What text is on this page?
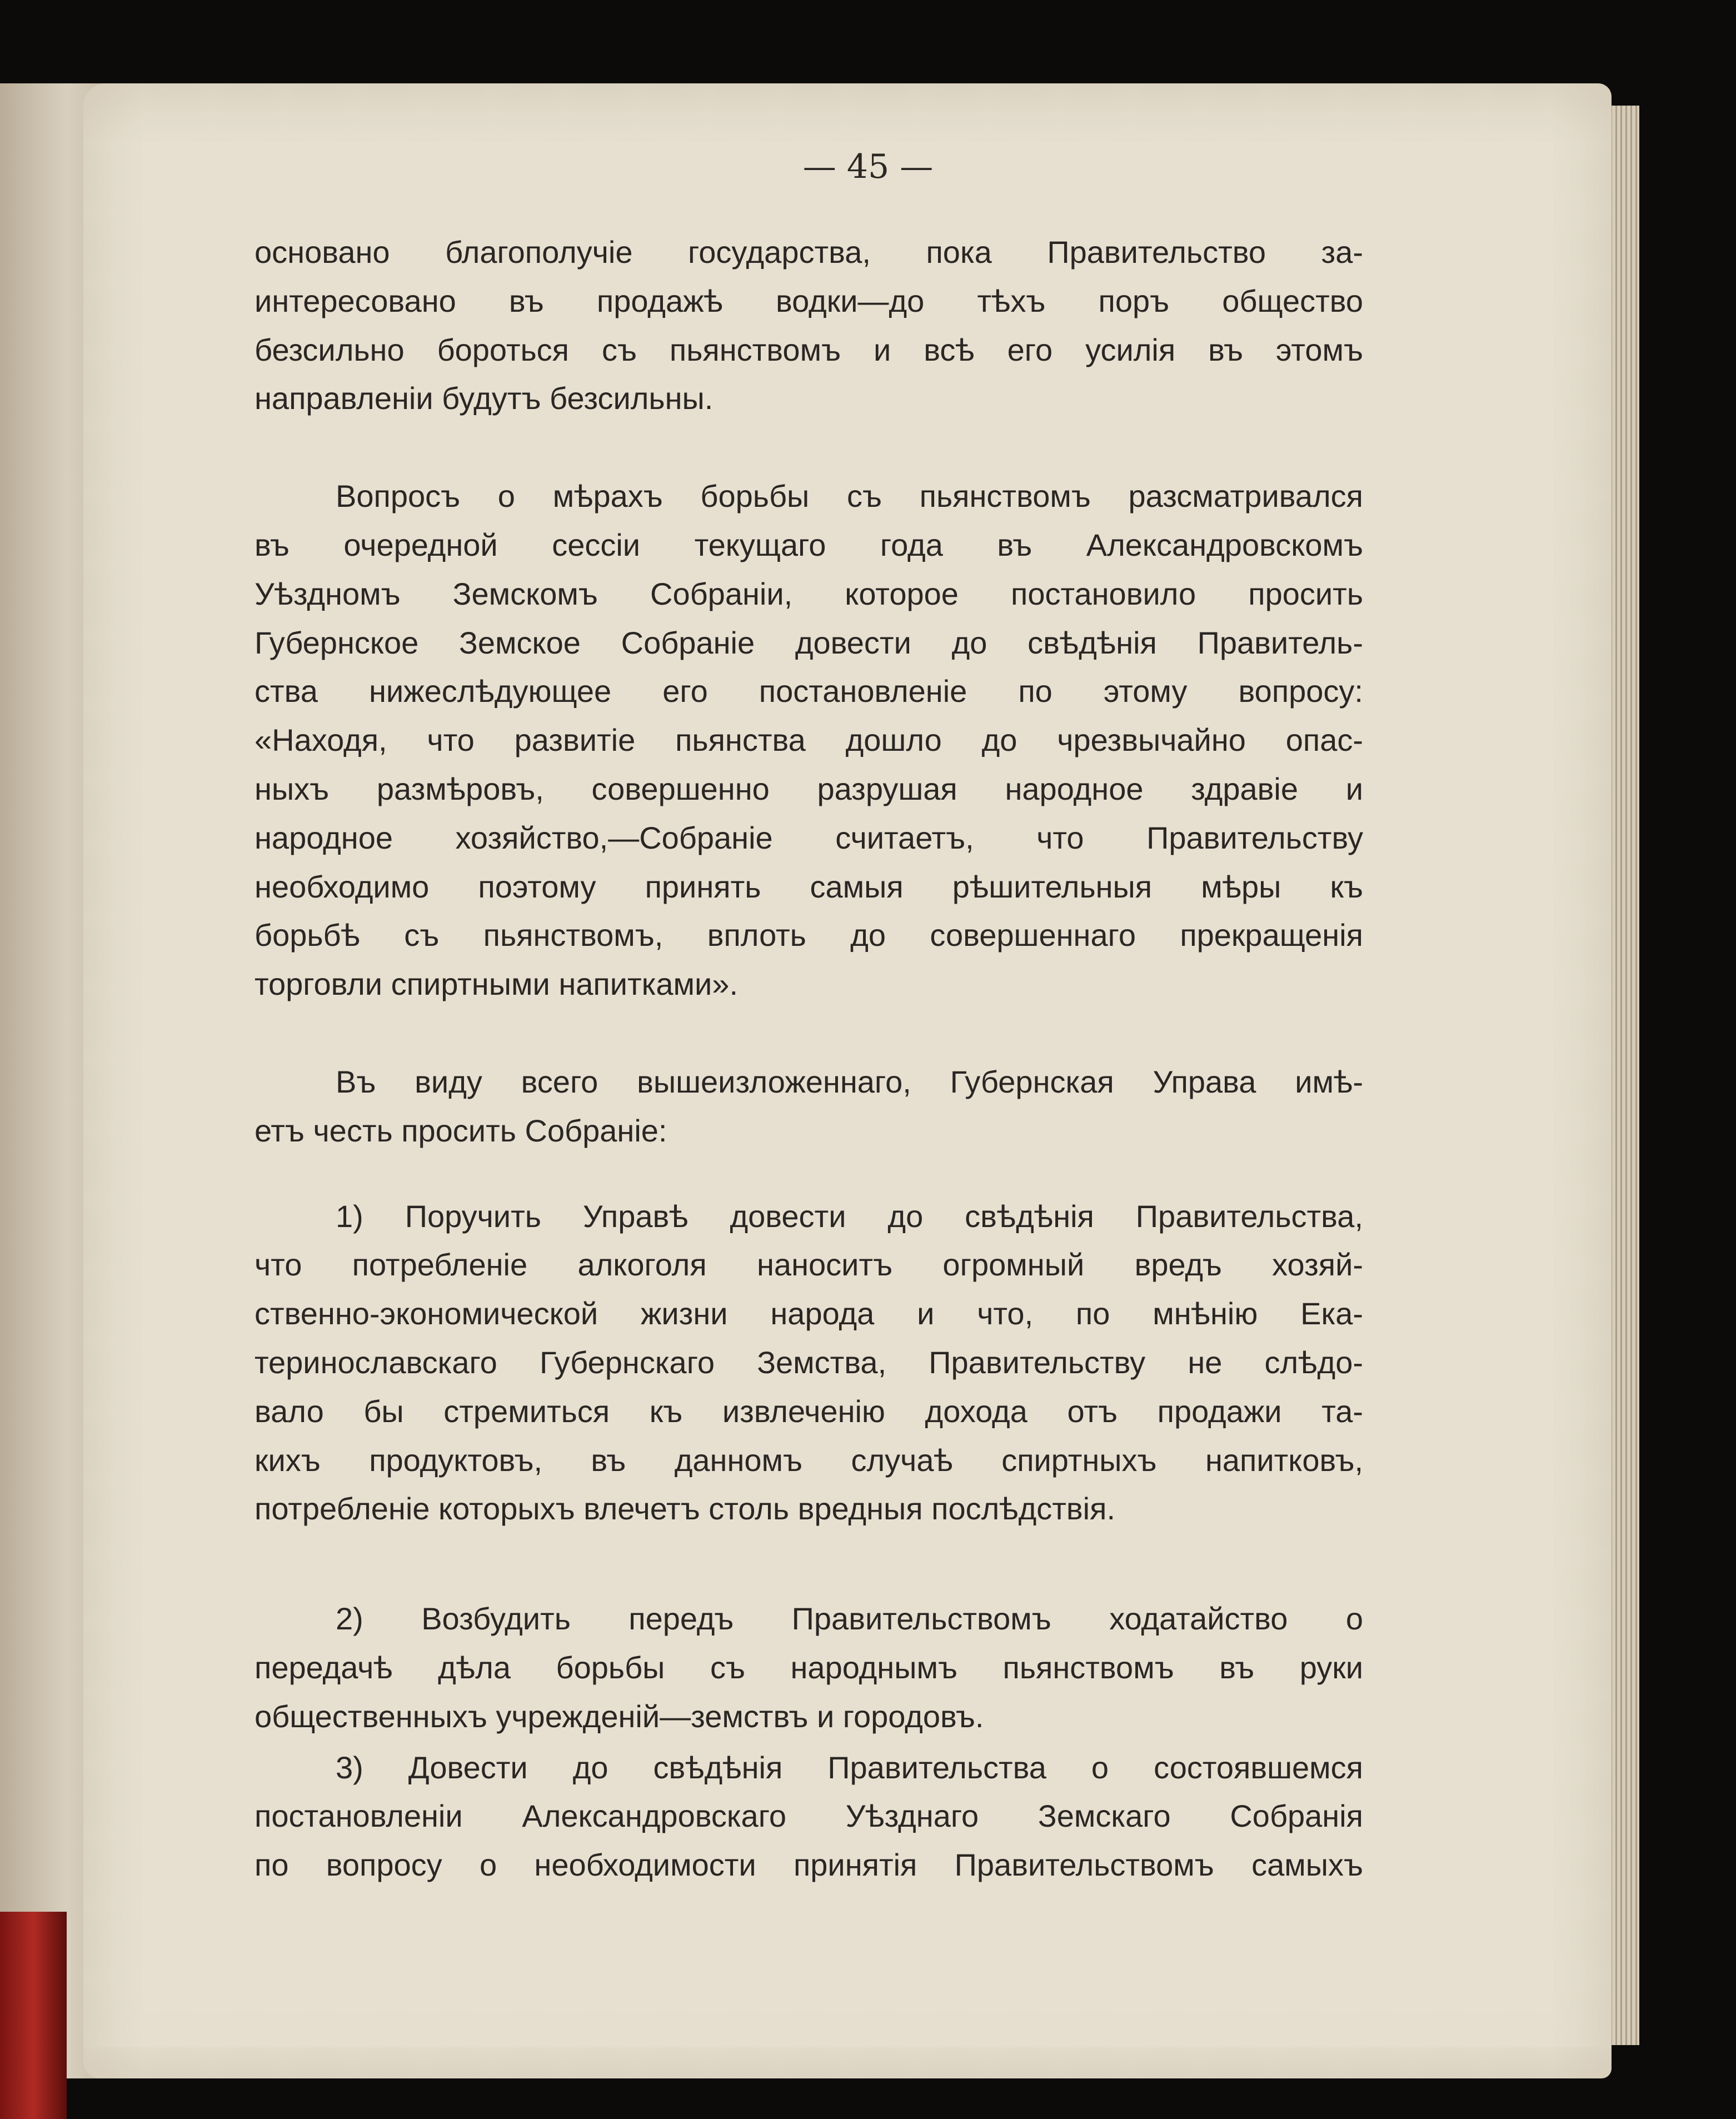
— 45 —
основано благополучіе государства, пока Правительство за-
интересовано въ продажѣ водки—до тѣхъ поръ общество
безсильно бороться съ пьянствомъ и всѣ его усилія въ этомъ
направленіи будутъ безсильны.
Вопросъ о мѣрахъ борьбы съ пьянствомъ разсматривался
въ очередной сессіи текущаго года въ Александровскомъ
Уѣздномъ Земскомъ Собраніи, которое постановило просить
Губернское Земское Собраніе довести до свѣдѣнія Правитель-
ства нижеслѣдующее его постановленіе по этому вопросу:
«Находя, что развитіе пьянства дошло до чрезвычайно опас-
ныхъ размѣровъ, совершенно разрушая народное здравіе и
народное хозяйство,—Собраніе считаетъ, что Правительству
необходимо поэтому принять самыя рѣшительныя мѣры къ
борьбѣ съ пьянствомъ, вплоть до совершеннаго прекращенія
торговли спиртными напитками».
Въ виду всего вышеизложеннаго, Губернская Управа имѣ-
етъ честь просить Собраніе:
1) Поручить Управѣ довести до свѣдѣнія Правительства,
что потребленіе алкоголя наноситъ огромный вредъ хозяй-
ственно-экономической жизни народа и что, по мнѣнію Ека-
теринославскаго Губернскаго Земства, Правительству не слѣдо-
вало бы стремиться къ извлеченію дохода отъ продажи та-
кихъ продуктовъ, въ данномъ случаѣ спиртныхъ напитковъ,
потребленіе которыхъ влечетъ столь вредныя послѣдствія.
2) Возбудить передъ Правительствомъ ходатайство о
передачѣ дѣла борьбы съ народнымъ пьянствомъ въ руки
общественныхъ учрежденій—земствъ и городовъ.
3) Довести до свѣдѣнія Правительства о состоявшемся
постановленіи Александровскаго Уѣзднаго Земскаго Собранія
по вопросу о необходимости принятія Правительствомъ самыхъ
